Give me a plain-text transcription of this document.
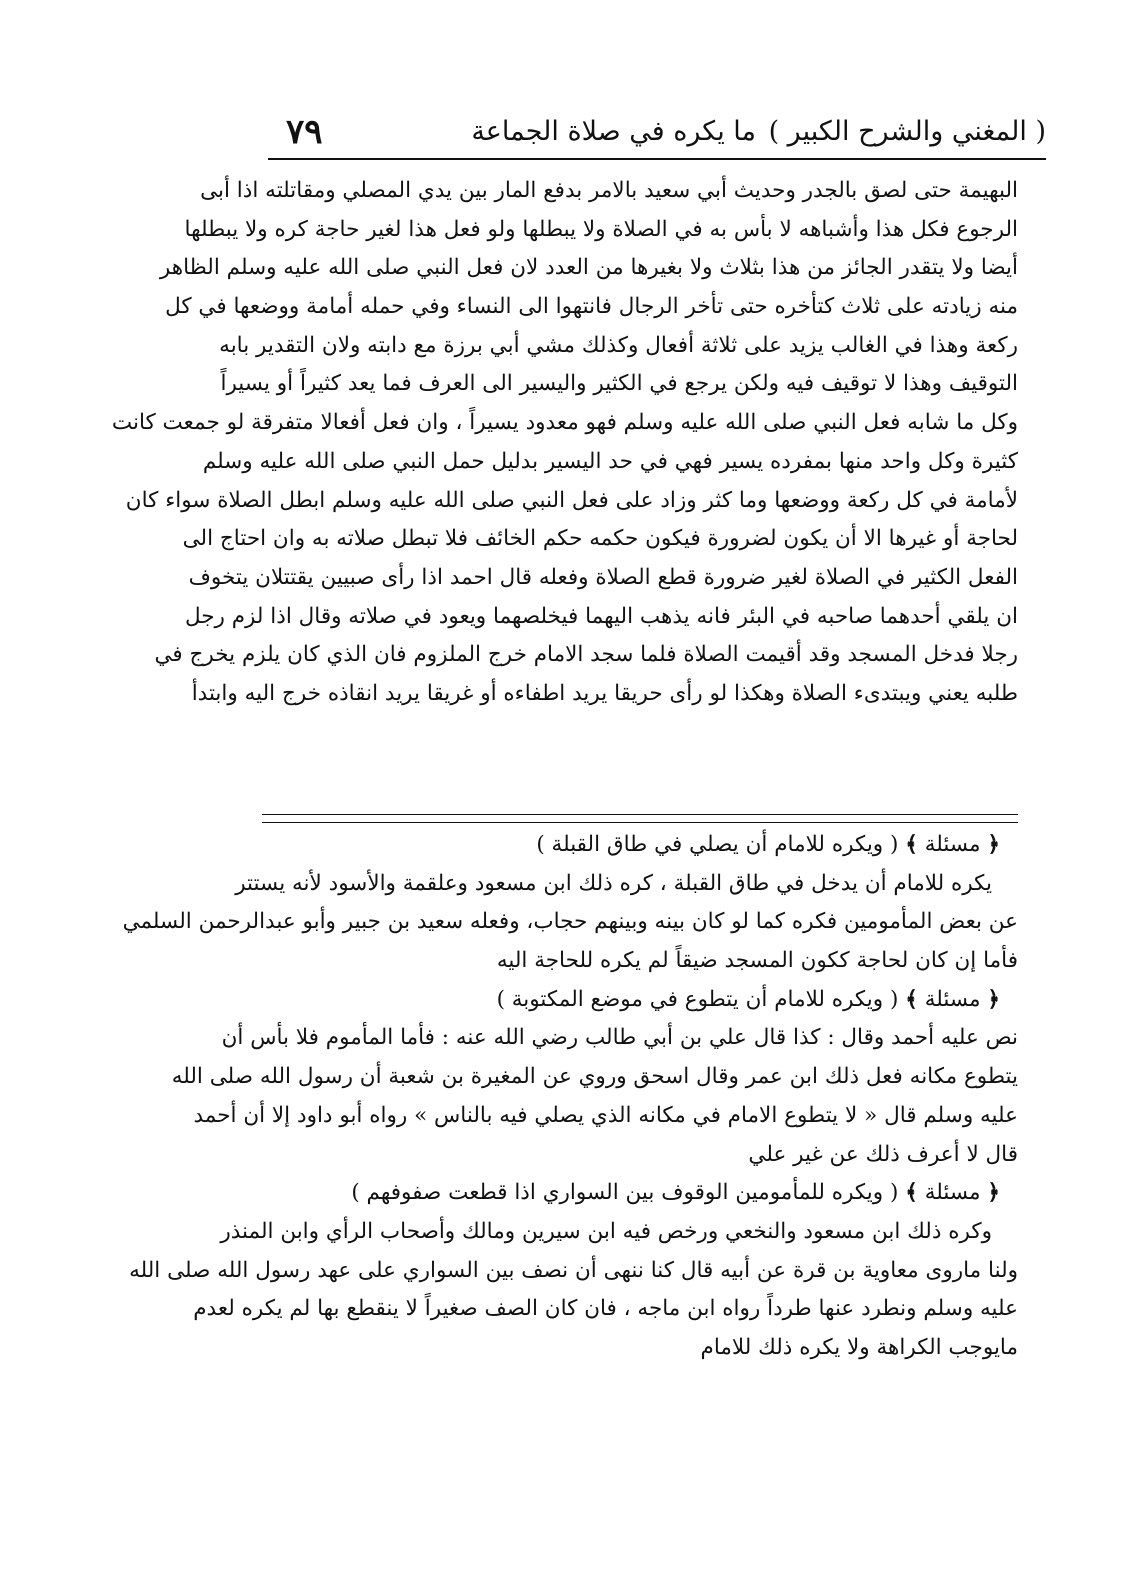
( المغني والشرح الكبير )
ما يكره في صلاة الجماعة
٧٩
البهيمة حتى لصق بالجدر وحديث أبي سعيد بالامر بدفع المار بين يدي المصلي ومقاتلته اذا أبى
الرجوع فكل هذا وأشباهه لا بأس به في الصلاة ولا يبطلها ولو فعل هذا لغير حاجة كره ولا يبطلها
أيضا ولا يتقدر الجائز من هذا بثلاث ولا بغيرها من العدد لان فعل النبي صلى الله عليه وسلم الظاهر
منه زيادته على ثلاث كتأخره حتى تأخر الرجال فانتهوا الى النساء وفي حمله أمامة ووضعها في كل
ركعة وهذا في الغالب يزيد على ثلاثة أفعال وكذلك مشي أبي برزة مع دابته ولان التقدير بابه
التوقيف وهذا لا توقيف فيه ولكن يرجع في الكثير واليسير الى العرف فما يعد كثيراً أو يسيراً
وكل ما شابه فعل النبي صلى الله عليه وسلم فهو معدود يسيراً ، وان فعل أفعالا متفرقة لو جمعت كانت
كثيرة وكل واحد منها بمفرده يسير فهي في حد اليسير بدليل حمل النبي صلى الله عليه وسلم
لأمامة في كل ركعة ووضعها وما كثر وزاد على فعل النبي صلى الله عليه وسلم ابطل الصلاة سواء كان
لحاجة أو غيرها الا أن يكون لضرورة فيكون حكمه حكم الخائف فلا تبطل صلاته به وان احتاج الى
الفعل الكثير في الصلاة لغير ضرورة قطع الصلاة وفعله قال احمد اذا رأى صبيين يقتتلان يتخوف
ان يلقي أحدهما صاحبه في البئر فانه يذهب اليهما فيخلصهما ويعود في صلاته وقال اذا لزم رجل
رجلا فدخل المسجد وقد أقيمت الصلاة فلما سجد الامام خرج الملزوم فان الذي كان يلزم يخرج في
طلبه يعني ويبتدىء الصلاة وهكذا لو رأى حريقا يريد اطفاءه أو غريقا يريد انقاذه خرج اليه وابتدأ
﴿ مسئلة ﴾ ( ويكره للامام أن يصلي في طاق القبلة )
يكره للامام أن يدخل في طاق القبلة ، كره ذلك ابن مسعود وعلقمة والأسود لأنه يستتر
عن بعض المأمومين فكره كما لو كان بينه وبينهم حجاب، وفعله سعيد بن جبير وأبو عبدالرحمن السلمي
فأما إن كان لحاجة ككون المسجد ضيقاً لم يكره للحاجة اليه
﴿ مسئلة ﴾ ( ويكره للامام أن يتطوع في موضع المكتوبة )
نص عليه أحمد وقال : كذا قال علي بن أبي طالب رضي الله عنه : فأما المأموم فلا بأس أن
يتطوع مكانه فعل ذلك ابن عمر وقال اسحق وروي عن المغيرة بن شعبة أن رسول الله صلى الله
عليه وسلم قال « لا يتطوع الامام في مكانه الذي يصلي فيه بالناس » رواه أبو داود إلا أن أحمد
قال لا أعرف ذلك عن غير علي
﴿ مسئلة ﴾ ( ويكره للمأمومين الوقوف بين السواري اذا قطعت صفوفهم )
وكره ذلك ابن مسعود والنخعي ورخص فيه ابن سيرين ومالك وأصحاب الرأي وابن المنذر
ولنا ماروى معاوية بن قرة عن أبيه قال كنا ننهى أن نصف بين السواري على عهد رسول الله صلى الله
عليه وسلم ونطرد عنها طرداً رواه ابن ماجه ، فان كان الصف صغيراً لا ينقطع بها لم يكره لعدم
مايوجب الكراهة ولا يكره ذلك للامام
